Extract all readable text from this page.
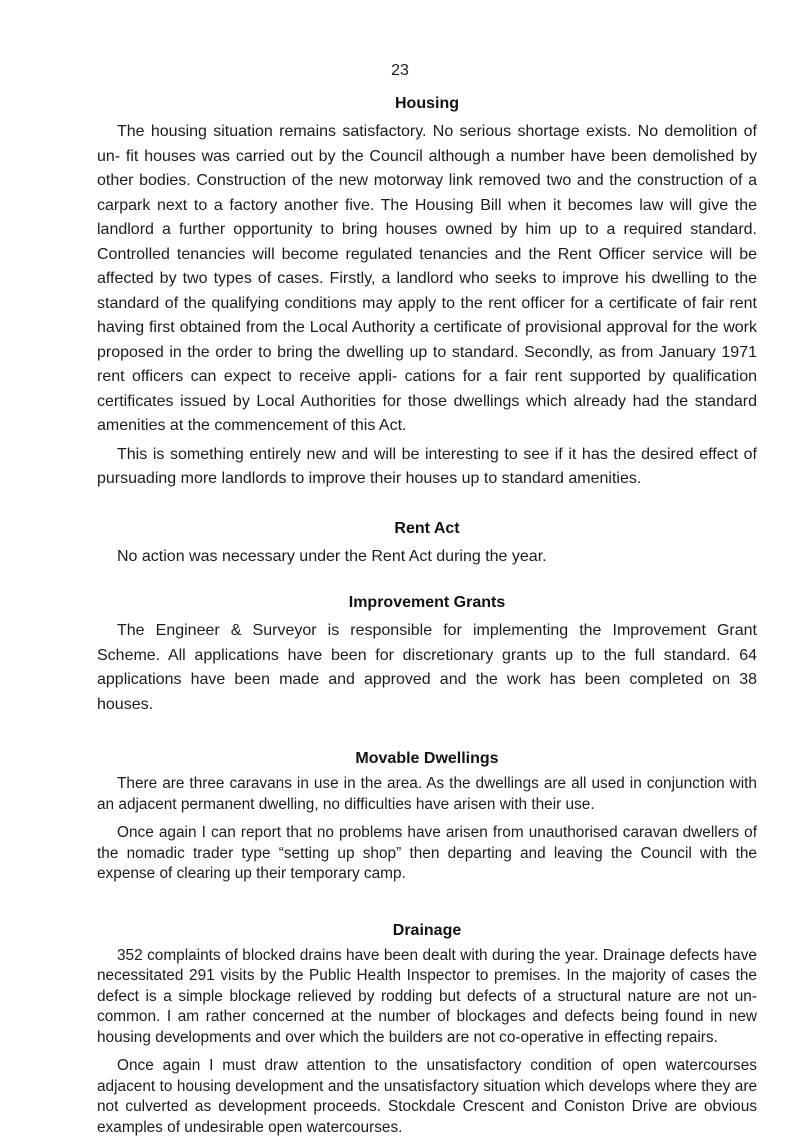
23
Housing

The housing situation remains satisfactory. No serious shortage exists. No demolition of un- fit houses was carried out by the Council although a number have been demolished by other bodies. Construction of the new motorway link removed two and the construction of a carpark next to a factory another five. The Housing Bill when it becomes law will give the landlord a further opportunity to bring houses owned by him up to a required standard. Controlled tenancies will become regulated tenancies and the Rent Officer service will be affected by two types of cases. Firstly, a landlord who seeks to improve his dwelling to the standard of the qualifying conditions may apply to the rent officer for a certificate of fair rent having first obtained from the Local Authority a certificate of provisional approval for the work proposed in the order to bring the dwelling up to standard. Secondly, as from January 1971 rent officers can expect to receive appli- cations for a fair rent supported by qualification certificates issued by Local Authorities for those dwellings which already had the standard amenities at the commencement of this Act.

This is something entirely new and will be interesting to see if it has the desired effect of pursuading more landlords to improve their houses up to standard amenities.

Rent Act

No action was necessary under the Rent Act during the year.

Improvement Grants

The Engineer & Surveyor is responsible for implementing the Improvement Grant Scheme. All applications have been for discretionary grants up to the full standard. 64 applications have been made and approved and the work has been completed on 38 houses.

Movable Dwellings

There are three caravans in use in the area. As the dwellings are all used in conjunction with an adjacent permanent dwelling, no difficulties have arisen with their use.

Once again I can report that no problems have arisen from unauthorised caravan dwellers of the nomadic trader type “setting up shop” then departing and leaving the Council with the expense of clearing up their temporary camp.

Drainage

352 complaints of blocked drains have been dealt with during the year. Drainage defects have necessitated 291 visits by the Public Health Inspector to premises. In the majority of cases the defect is a simple blockage relieved by rodding but defects of a structural nature are not un- common. I am rather concerned at the number of blockages and defects being found in new housing developments and over which the builders are not co-operative in effecting repairs.

Once again I must draw attention to the unsatisfactory condition of open watercourses adjacent to housing development and the unsatisfactory situation which develops where they are not culverted as development proceeds. Stockdale Crescent and Coniston Drive are obvious examples of undesirable open watercourses.
